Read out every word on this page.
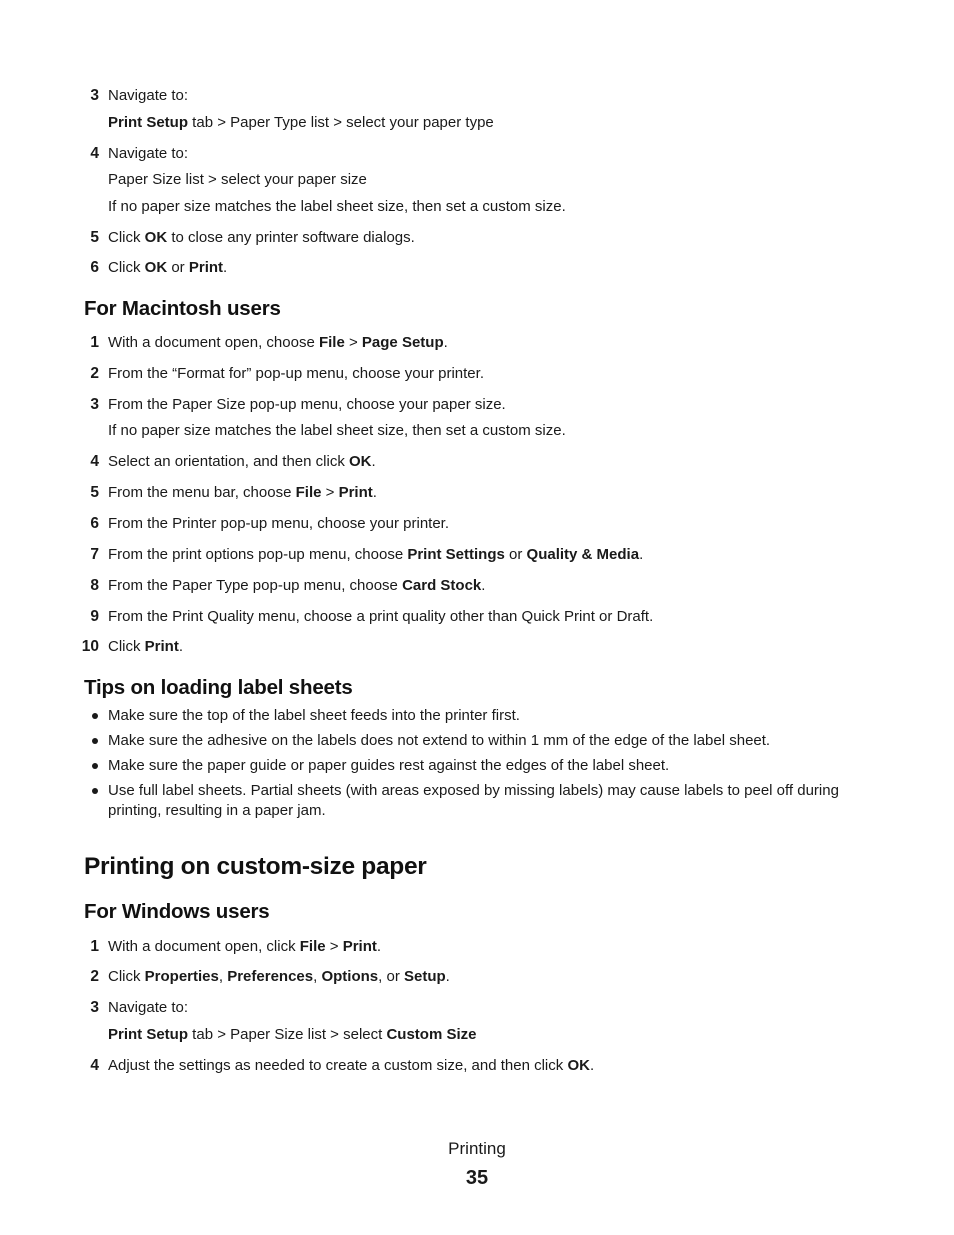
3 Navigate to:
Print Setup tab > Paper Type list > select your paper type
4 Navigate to:
Paper Size list > select your paper size
If no paper size matches the label sheet size, then set a custom size.
5 Click OK to close any printer software dialogs.
6 Click OK or Print.
For Macintosh users
1 With a document open, choose File > Page Setup.
2 From the “Format for” pop-up menu, choose your printer.
3 From the Paper Size pop-up menu, choose your paper size.
If no paper size matches the label sheet size, then set a custom size.
4 Select an orientation, and then click OK.
5 From the menu bar, choose File > Print.
6 From the Printer pop-up menu, choose your printer.
7 From the print options pop-up menu, choose Print Settings or Quality & Media.
8 From the Paper Type pop-up menu, choose Card Stock.
9 From the Print Quality menu, choose a print quality other than Quick Print or Draft.
10 Click Print.
Tips on loading label sheets
Make sure the top of the label sheet feeds into the printer first.
Make sure the adhesive on the labels does not extend to within 1 mm of the edge of the label sheet.
Make sure the paper guide or paper guides rest against the edges of the label sheet.
Use full label sheets. Partial sheets (with areas exposed by missing labels) may cause labels to peel off during printing, resulting in a paper jam.
Printing on custom-size paper
For Windows users
1 With a document open, click File > Print.
2 Click Properties, Preferences, Options, or Setup.
3 Navigate to:
Print Setup tab > Paper Size list > select Custom Size
4 Adjust the settings as needed to create a custom size, and then click OK.
Printing
35
